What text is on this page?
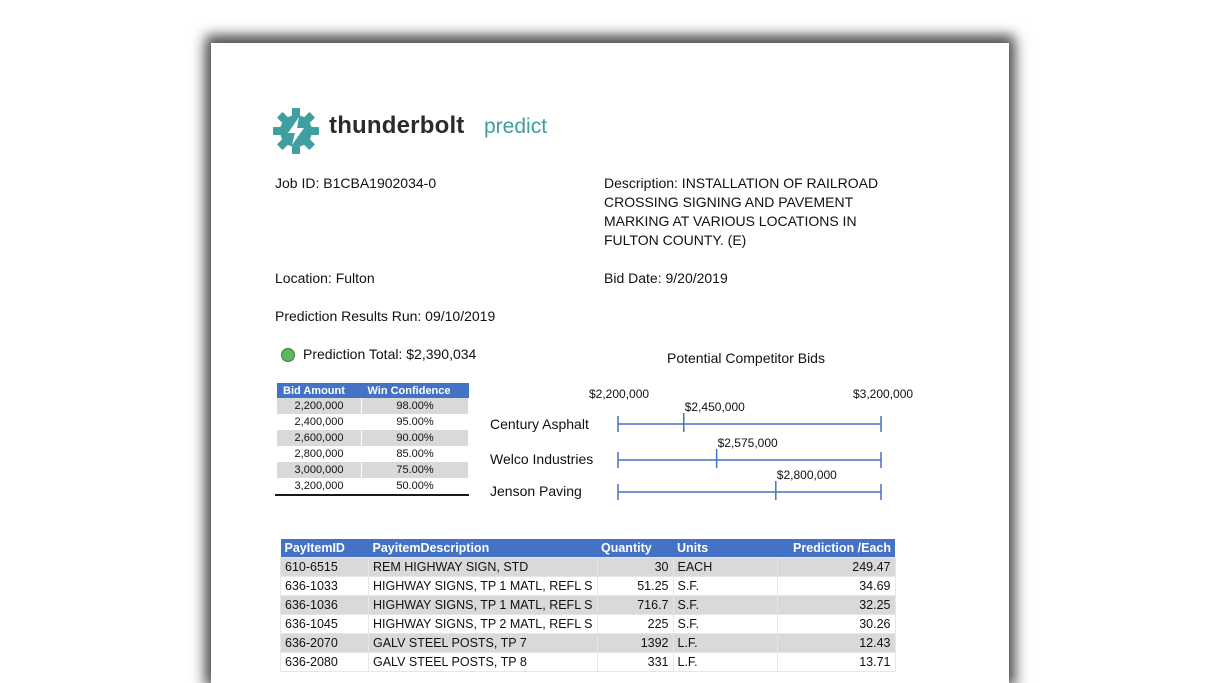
thunderbolt predict
Job ID: B1CBA1902034-0	Description: INSTALLATION OF RAILROAD
CROSSING SIGNING AND PAVEMENT
MARKING AT VARIOUS LOCATIONS IN
FULTON COUNTY. (E)
Location: Fulton	Bid Date: 9/20/2019
Prediction Results Run: 09/10/2019
Prediction Total: $2,390,034
Bid Amount	Win Confidence
2,200,000	98.00%
2,400,000	95.00%
2,600,000	90.00%
2,800,000	85.00%
3,000,000	75.00%
3,200,000	50.00%
Potential Competitor Bids
$2,200,000	$3,200,000
Century Asphalt
Welco Industries
Jenson Paving
$2,450,000
$2,575,000
$2,800,000
PayItemID	PayitemDescription	Quantity	Units	Prediction /Each
610-6515	REM HIGHWAY SIGN, STD	30	EACH	249.47
636-1033	HIGHWAY SIGNS, TP 1 MATL, REFL S	51.25	S.F.	34.69
636-1036	HIGHWAY SIGNS, TP 1 MATL, REFL S	716.7	S.F.	32.25
636-1045	HIGHWAY SIGNS, TP 2 MATL, REFL S	225	S.F.	30.26
636-2070	GALV STEEL POSTS, TP 7	1392	L.F.	12.43
636-2080	GALV STEEL POSTS, TP 8	331	L.F.	13.71
